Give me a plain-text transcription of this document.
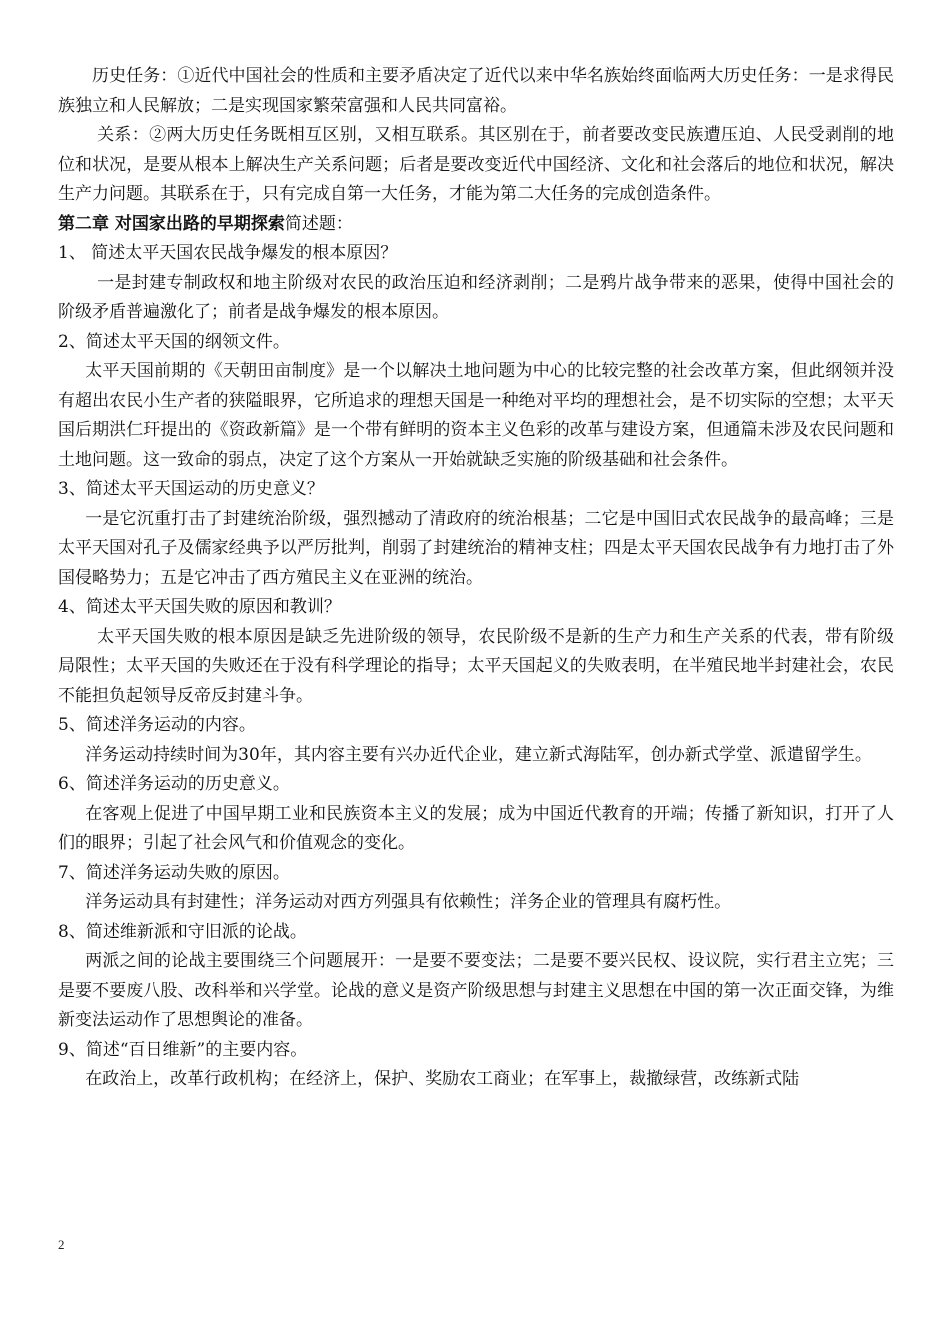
历史任务：①近代中国社会的性质和主要矛盾决定了近代以来中华名族始终面临两大历史任务：一是求得民族独立和人民解放；二是实现国家繁荣富强和人民共同富裕。

关系：②两大历史任务既相互区别，又相互联系。其区别在于，前者要改变民族遭压迫、人民受剥削的地位和状况，是要从根本上解决生产关系问题；后者是要改变近代中国经济、文化和社会落后的地位和状况，解决生产力问题。其联系在于，只有完成自第一大任务，才能为第二大任务的完成创造条件。

第二章 对国家出路的早期探索简述题：

1、 简述太平天国农民战争爆发的根本原因？

一是封建专制政权和地主阶级对农民的政治压迫和经济剥削；二是鸦片战争带来的恶果，使得中国社会的阶级矛盾普遍激化了；前者是战争爆发的根本原因。

2、简述太平天国的纲领文件。

太平天国前期的《天朝田亩制度》是一个以解决土地问题为中心的比较完整的社会改革方案，但此纲领并没有超出农民小生产者的狭隘眼界，它所追求的理想天国是一种绝对平均的理想社会，是不切实际的空想；太平天国后期洪仁玕提出的《资政新篇》是一个带有鲜明的资本主义色彩的改革与建设方案，但通篇未涉及农民问题和土地问题。这一致命的弱点，决定了这个方案从一开始就缺乏实施的阶级基础和社会条件。

3、简述太平天国运动的历史意义？

一是它沉重打击了封建统治阶级，强烈撼动了清政府的统治根基；二它是中国旧式农民战争的最高峰；三是太平天国对孔子及儒家经典予以严厉批判，削弱了封建统治的精神支柱；四是太平天国农民战争有力地打击了外国侵略势力；五是它冲击了西方殖民主义在亚洲的统治。

4、简述太平天国失败的原因和教训？

太平天国失败的根本原因是缺乏先进阶级的领导，农民阶级不是新的生产力和生产关系的代表，带有阶级局限性；太平天国的失败还在于没有科学理论的指导；太平天国起义的失败表明，在半殖民地半封建社会，农民不能担负起领导反帝反封建斗争。

5、简述洋务运动的内容。

洋务运动持续时间为30年，其内容主要有兴办近代企业，建立新式海陆军，创办新式学堂、派遣留学生。

6、简述洋务运动的历史意义。

在客观上促进了中国早期工业和民族资本主义的发展；成为中国近代教育的开端；传播了新知识，打开了人们的眼界；引起了社会风气和价值观念的变化。

7、简述洋务运动失败的原因。

洋务运动具有封建性；洋务运动对西方列强具有依赖性；洋务企业的管理具有腐朽性。

8、简述维新派和守旧派的论战。

两派之间的论战主要围绕三个问题展开：一是要不要变法；二是要不要兴民权、设议院，实行君主立宪；三是要不要废八股、改科举和兴学堂。论战的意义是资产阶级思想与封建主义思想在中国的第一次正面交锋，为维新变法运动作了思想舆论的准备。

9、简述“百日维新”的主要内容。

在政治上，改革行政机构；在经济上，保护、奖励农工商业；在军事上，裁撤绿营，改练新式陆

2
